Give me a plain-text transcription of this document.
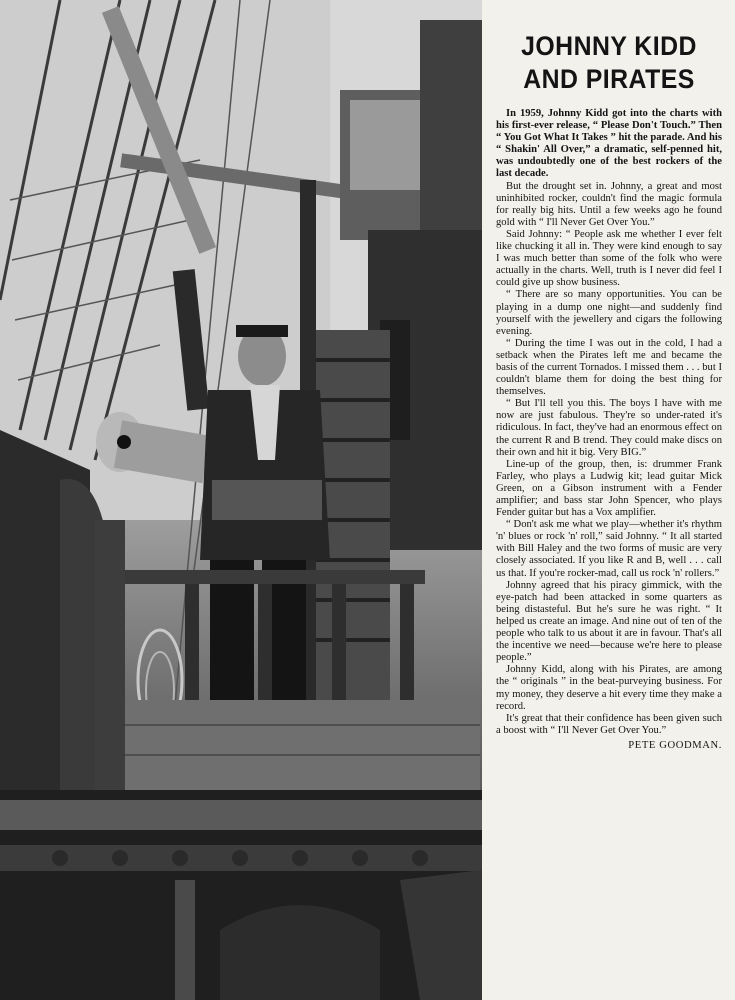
JOHNNY KIDD
AND PIRATES

In 1959, Johnny Kidd got into the charts with his first-ever release, “ Please Don't Touch.” Then “ You Got What It Takes ” hit the parade. And his “ Shakin' All Over,” a dramatic, self-penned hit, was undoubtedly one of the best rockers of the last decade.

But the drought set in. Johnny, a great and most uninhibited rocker, couldn't find the magic formula for really big hits. Until a few weeks ago he found gold with “ I'll Never Get Over You.”

Said Johnny: “ People ask me whether I ever felt like chucking it all in. They were kind enough to say I was much better than some of the folk who were actually in the charts. Well, truth is I never did feel I could give up show business.

“ There are so many opportunities. You can be playing in a dump one night—and suddenly find yourself with the jewellery and cigars the following evening.

“ During the time I was out in the cold, I had a setback when the Pirates left me and became the basis of the current Tornados. I missed them . . . but I couldn't blame them for doing the best thing for themselves.

“ But I'll tell you this. The boys I have with me now are just fabulous. They're so under-rated it's ridiculous. In fact, they've had an enormous effect on the current R and B trend. They could make discs on their own and hit it big. Very BIG.”

Line-up of the group, then, is: drummer Frank Farley, who plays a Ludwig kit; lead guitar Mick Green, on a Gibson instrument with a Fender amplifier; and bass star John Spencer, who plays Fender guitar but has a Vox amplifier.

“ Don't ask me what we play—whether it's rhythm 'n' blues or rock 'n' roll,” said Johnny. “ It all started with Bill Haley and the two forms of music are very closely associated. If you like R and B, well . . . call us that. If you're rocker-mad, call us rock 'n' rollers.”

Johnny agreed that his piracy gimmick, with the eye-patch had been attacked in some quarters as being distasteful. But he's sure he was right. “ It helped us create an image. And nine out of ten of the people who talk to us about it are in favour. That's all the incentive we need—because we're here to please people.”

Johnny Kidd, along with his Pirates, are among the “ originals ” in the beat-purveying business. For my money, they deserve a hit every time they make a record.

It's great that their confidence has been given such a boost with “ I'll Never Get Over You.”

PETE GOODMAN.
